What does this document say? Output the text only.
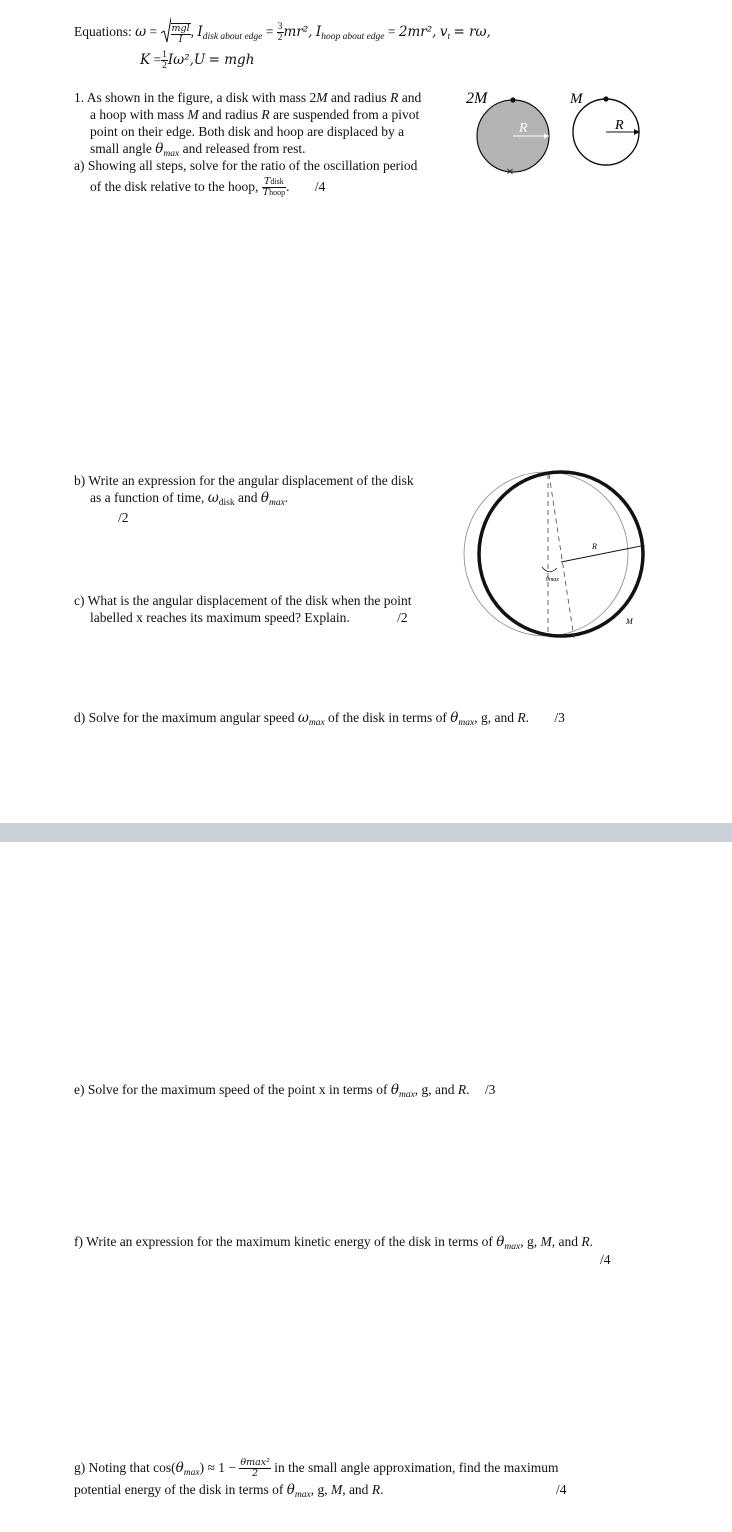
Equations: $\omega = \frac{\text{mgl}}{I}$ , $I_{disk about edge} = \frac{3}{2} mr^2$, $I_{hoop about edge} = 2mr^2$, $v_t = r\omega$,
$K = \frac{1}{2} I\omega^2,U$ = mgh
1. As shown in the figure, a disk with mass 2M and radius R and
a hoop with mass M and radius R are suspended from a pivot
point on their edge. Both disk and hoop are displaced by a
small angle $\theta_{max}$ and released from rest.
a) Showing all steps, solve for the ratio of the oscillation period
of the disk relative to the hoop, $\frac{\text{Tdisk}}{\text{Thoop}}$ . /4
2M
R
×
M
R
b) Write an expression for the angular displacement of the disk
as a function of time, $\omega_{disk}$ and $\theta_{max}$.
/2
R
θmax
M
c) What is the angular displacement of the disk when the point
labelled x reaches its maximum speed? Explain.	/2
d) Solve for the maximum angular speed $\omega_{max}$ of the disk in terms of $\theta_{max}$, g, and R. /3
e) Solve for the maximum speed of the point x in terms of $\theta_{max}$, g, and R. /3
f) Write an expression for the maximum kinetic energy of the disk in terms of $\theta_{max}$, g, M, and R.
/4
g) Noting that $\cos(\theta_{max}) \approx 1 - \frac{\text{θmax²}}{2}$ in the small angle approximation, find the maximum
potential energy of the disk in terms of $\theta_{max}$, g, M, and R.	/4
